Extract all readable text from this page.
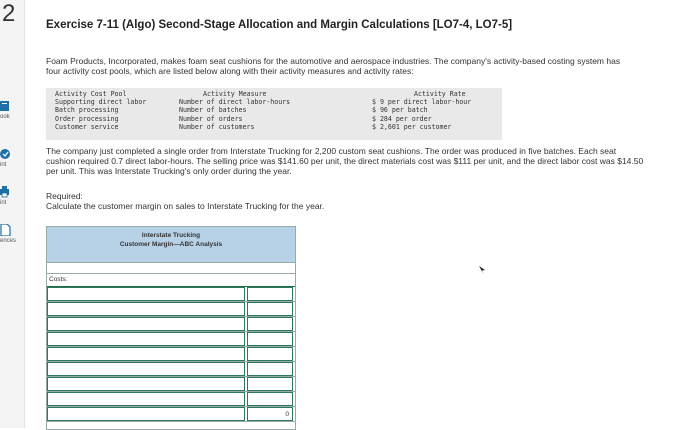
2
ook
int
int
ences
Exercise 7-11 (Algo) Second-Stage Allocation and Margin Calculations [LO7-4, LO7-5]
Foam Products, Incorporated, makes foam seat cushions for the automotive and aerospace industries. The company's activity-based costing system has four activity cost pools, which are listed below along with their activity measures and activity rates:
Activity Cost Pool
Supporting direct labor
Batch processing
Order processing
Customer service
Activity Measure
Number of direct labor-hours
Number of batches
Number of orders
Number of customers
Activity Rate
$ 9 per direct labor-hour
$ 96 per batch
$ 284 per order
$ 2,601 per customer
The company just completed a single order from Interstate Trucking for 2,200 custom seat cushions. The order was produced in five batches. Each seat cushion required 0.7 direct labor-hours. The selling price was $141.60 per unit, the direct materials cost was $111 per unit, and the direct labor cost was $14.50 per unit. This was Interstate Trucking's only order during the year.
Required:
Calculate the customer margin on sales to Interstate Trucking for the year.
Interstate Trucking
Customer Margin—ABC Analysis
Costs:
0
